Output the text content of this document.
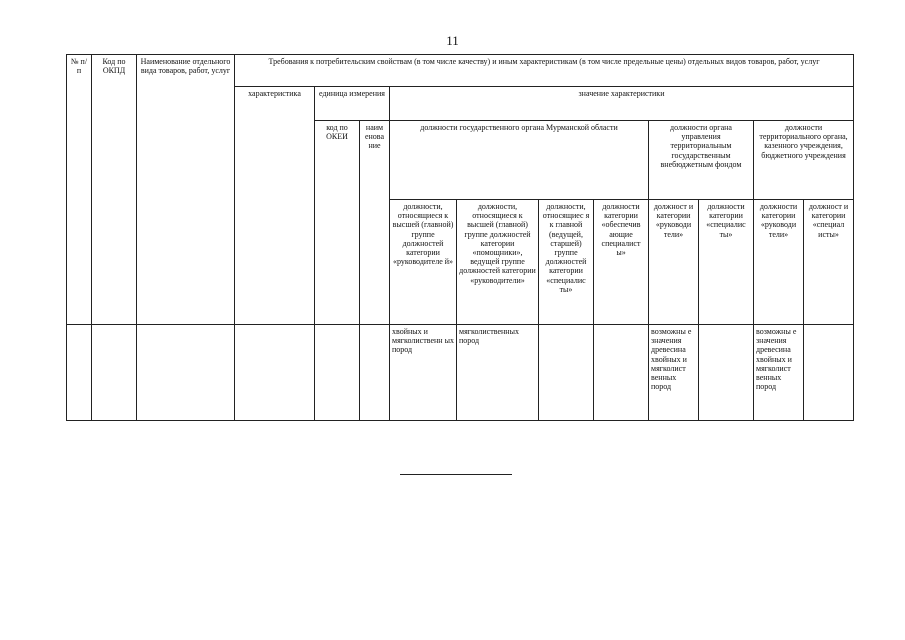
11
№ п/п	Код по ОКПД	Наименование отдельного вида товаров, работ, услуг	Требования к потребительским свойствам (в том числе качеству) и иным характеристикам (в том числе предельные цены) отдельных видов товаров, работ, услуг										
			характеристика	единица измерения		значение характеристики							
				код по ОКЕИ	наим енова ние	должности государственного органа Мурманской области				должности органа управления территориальным государственным внебюджетным фондом		должности территориального органа, казенного учреждения, бюджетного учреждения	
						должности, относящиеся к высшей (главной) группе должностей категории «руководителе й»	должности, относящиеся к высшей (главной) группе должностей категории «помощники», ведущей группе должностей категории «руководители»	должности, относящиес я к главной (ведущей, старшей) группе должностей категории «специалис ты»	должности категории «обеспечив ающие специалист ы»	должност и категории «руководи тели»	должности категории «специалис ты»	должности категории «руководи тели»	должност и категории «специал исты»
						хвойных и мягколиственн ых пород	мягколиственных пород			возможны е значения древесина хвойных и мягколист венных пород		возможны е значения древесина хвойных и мягколист венных пород	
